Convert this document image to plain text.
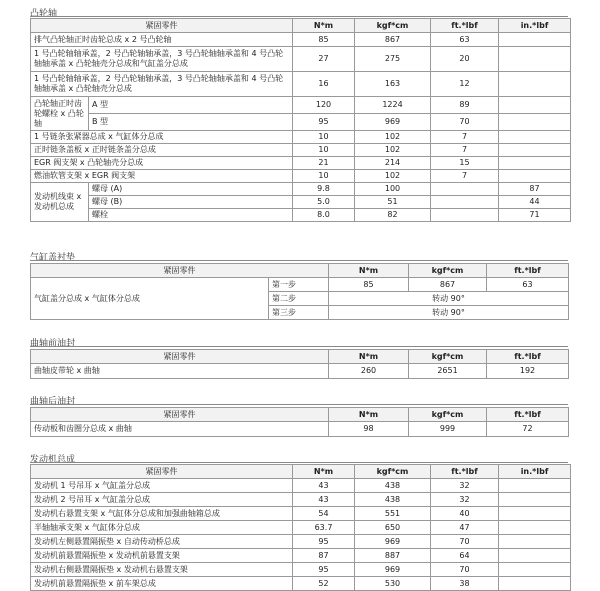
凸轮轴
紧固零件		N*m	kgf*cm	ft.*lbf	in.*lbf
排气凸轮轴正时齿轮总成 x 2 号凸轮轴		85	867	63	
1 号凸轮轴轴承盖，2 号凸轮轴轴承盖，3 号凸轮轴轴承盖和 4 号凸轮轴轴承盖 x 凸轮轴壳分总成和气缸盖分总成		27	275	20	
1 号凸轮轴轴承盖，2 号凸轮轴轴承盖，3 号凸轮轴轴承盖和 4 号凸轮轴轴承盖 x 凸轮轴壳分总成		16	163	12	
凸轮轴正时齿轮螺栓 x 凸轮轴	A 型	120	1224	89	
	B 型	95	969	70	
1 号链条张紧器总成 x 气缸体分总成		10	102	7	
正时链条盖板 x 正时链条盖分总成		10	102	7	
EGR 阀支架 x 凸轮轴壳分总成		21	214	15	
燃油软管支架 x EGR 阀支架		10	102	7	
发动机线束 x 发动机总成	螺母 (A)	9.8	100		87
	螺母 (B)	5.0	51		44
	螺栓	8.0	82		71
气缸盖衬垫
紧固零件		N*m	kgf*cm	ft.*lbf
气缸盖分总成 x 气缸体分总成	第一步	85	867	63
	第二步	转动 90°		
	第三步	转动 90°		
曲轴前油封
紧固零件	N*m	kgf*cm	ft.*lbf
曲轴皮带轮 x 曲轴	260	2651	192
曲轴后油封
紧固零件	N*m	kgf*cm	ft.*lbf
传动板和齿圈分总成 x 曲轴	98	999	72
发动机总成
紧固零件	N*m	kgf*cm	ft.*lbf	in.*lbf
发动机 1 号吊耳 x 气缸盖分总成	43	438	32	
发动机 2 号吊耳 x 气缸盖分总成	43	438	32	
发动机右悬置支架 x 气缸体分总成和加强曲轴箱总成	54	551	40	
半轴轴承支架 x 气缸体分总成	63.7	650	47	
发动机左侧悬置隔振垫 x 自动传动桥总成	95	969	70	
发动机前悬置隔振垫 x 发动机前悬置支架	87	887	64	
发动机右侧悬置隔振垫 x 发动机右悬置支架	95	969	70	
发动机前悬置隔振垫 x 前车架总成	52	530	38	
